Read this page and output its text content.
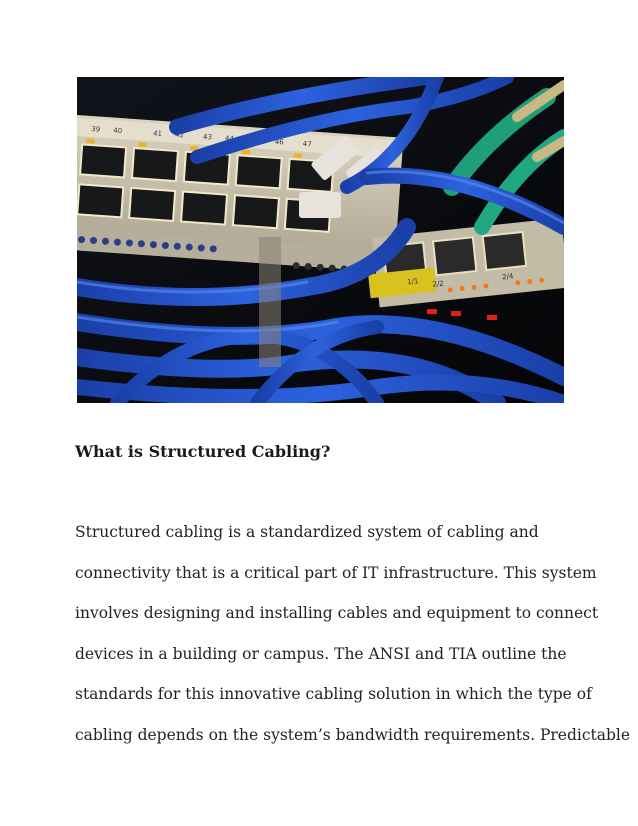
39 40	41 42	43 44	45 46	47
1/1 2/2
2/4
What is Structured Cabling?
Structured cabling is a standardized system of cabling and
connectivity that is a critical part of IT infrastructure. This system
involves designing and installing cables and equipment to connect
devices in a building or campus. The ANSI and TIA outline the
standards for this innovative cabling solution in which the type of
cabling depends on the system’s bandwidth requirements. Predictable
